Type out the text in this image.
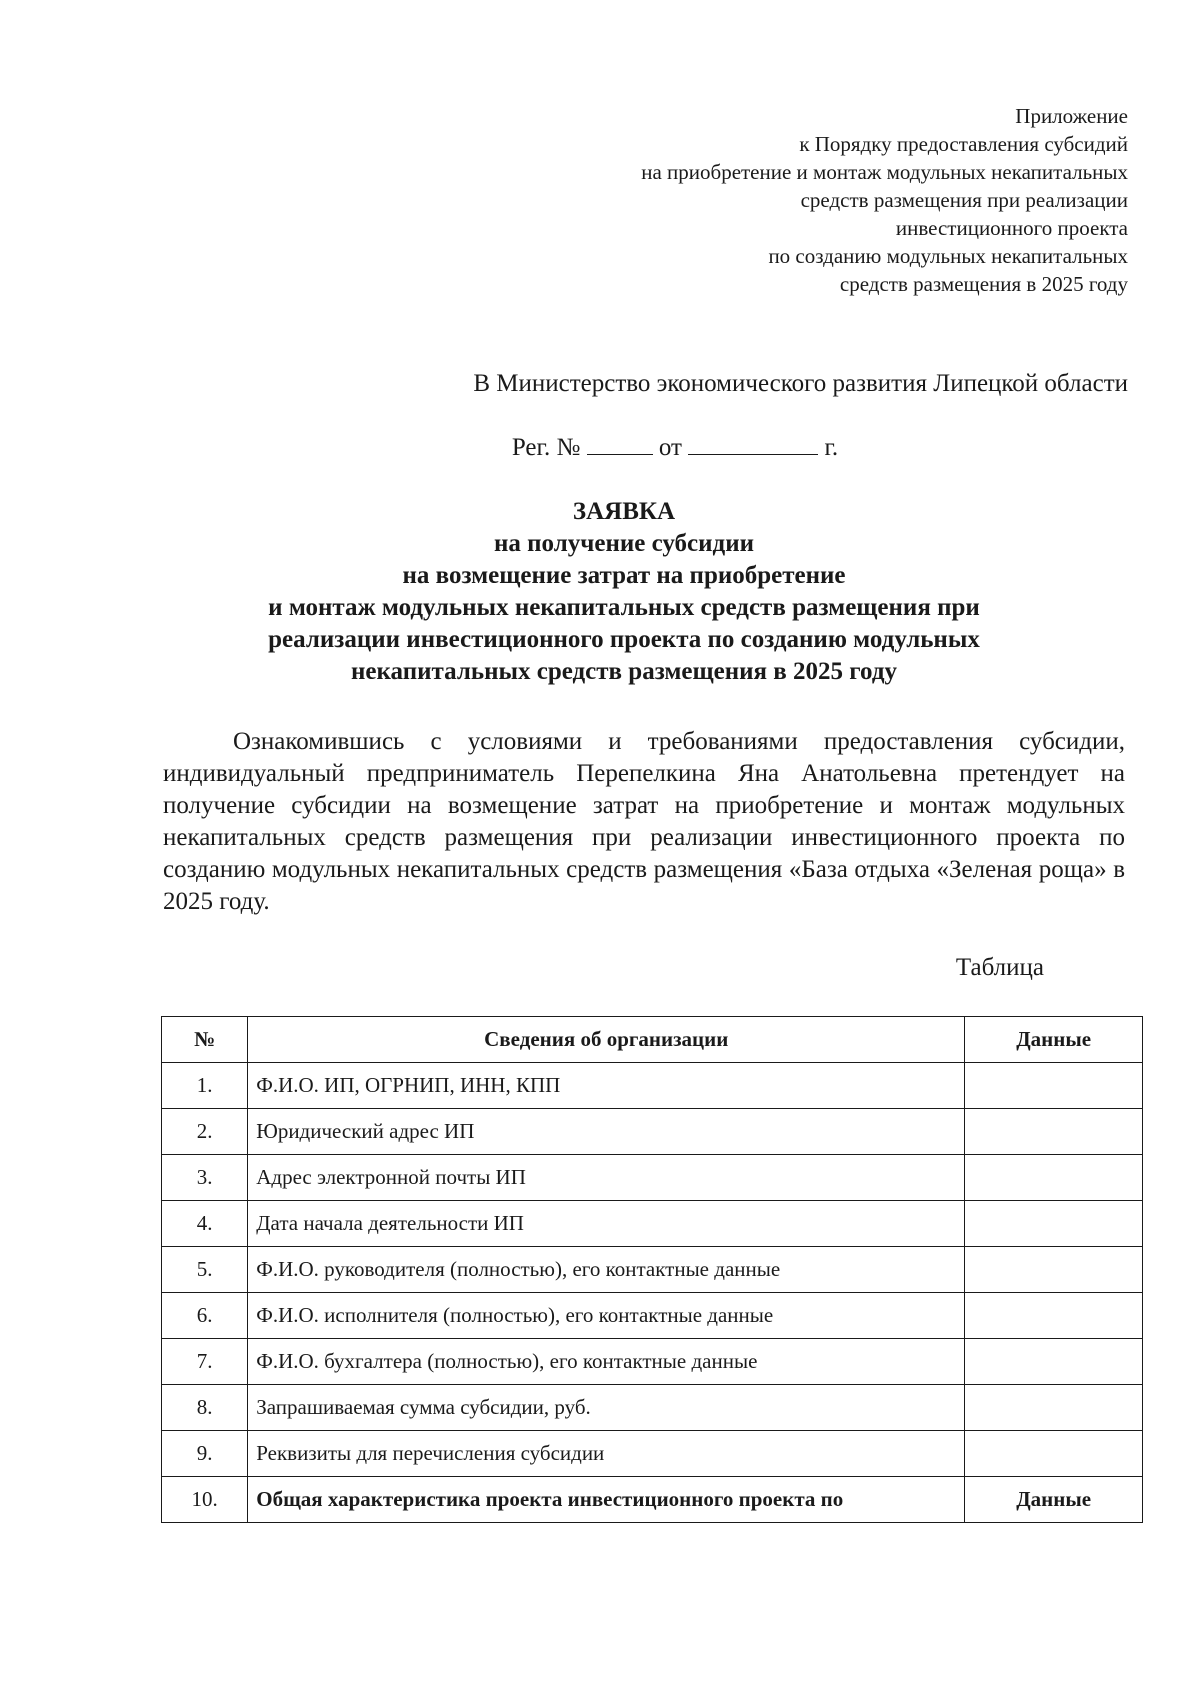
Приложение
к Порядку предоставления субсидий
на приобретение и монтаж модульных некапитальных
средств размещения при реализации
инвестиционного проекта
по созданию модульных некапитальных
средств размещения в 2025 году
В Министерство экономического развития Липецкой области
Рег. №	от	г.
ЗАЯВКА
на получение субсидии
на возмещение затрат на приобретение
и монтаж модульных некапитальных средств размещения при
реализации инвестиционного проекта по созданию модульных
некапитальных средств размещения в 2025 году
Ознакомившись с условиями и требованиями предоставления субсидии, индивидуальный предприниматель Перепелкина Яна Анатольевна претендует на получение субсидии на возмещение затрат на приобретение и монтаж модульных некапитальных средств размещения при реализации инвестиционного проекта по созданию модульных некапитальных средств размещения «База отдыха «Зеленая роща» в 2025 году.
Таблица
№	Сведения об организации	Данные
1.	Ф.И.О. ИП, ОГРНИП, ИНН, КПП	
2.	Юридический адрес ИП	
3.	Адрес электронной почты ИП	
4.	Дата начала деятельности ИП	
5.	Ф.И.О. руководителя (полностью), его контактные данные	
6.	Ф.И.О. исполнителя (полностью), его контактные данные	
7.	Ф.И.О. бухгалтера (полностью), его контактные данные	
8.	Запрашиваемая сумма субсидии, руб.	
9.	Реквизиты для перечисления субсидии	
10.	Общая характеристика проекта инвестиционного проекта по	Данные
